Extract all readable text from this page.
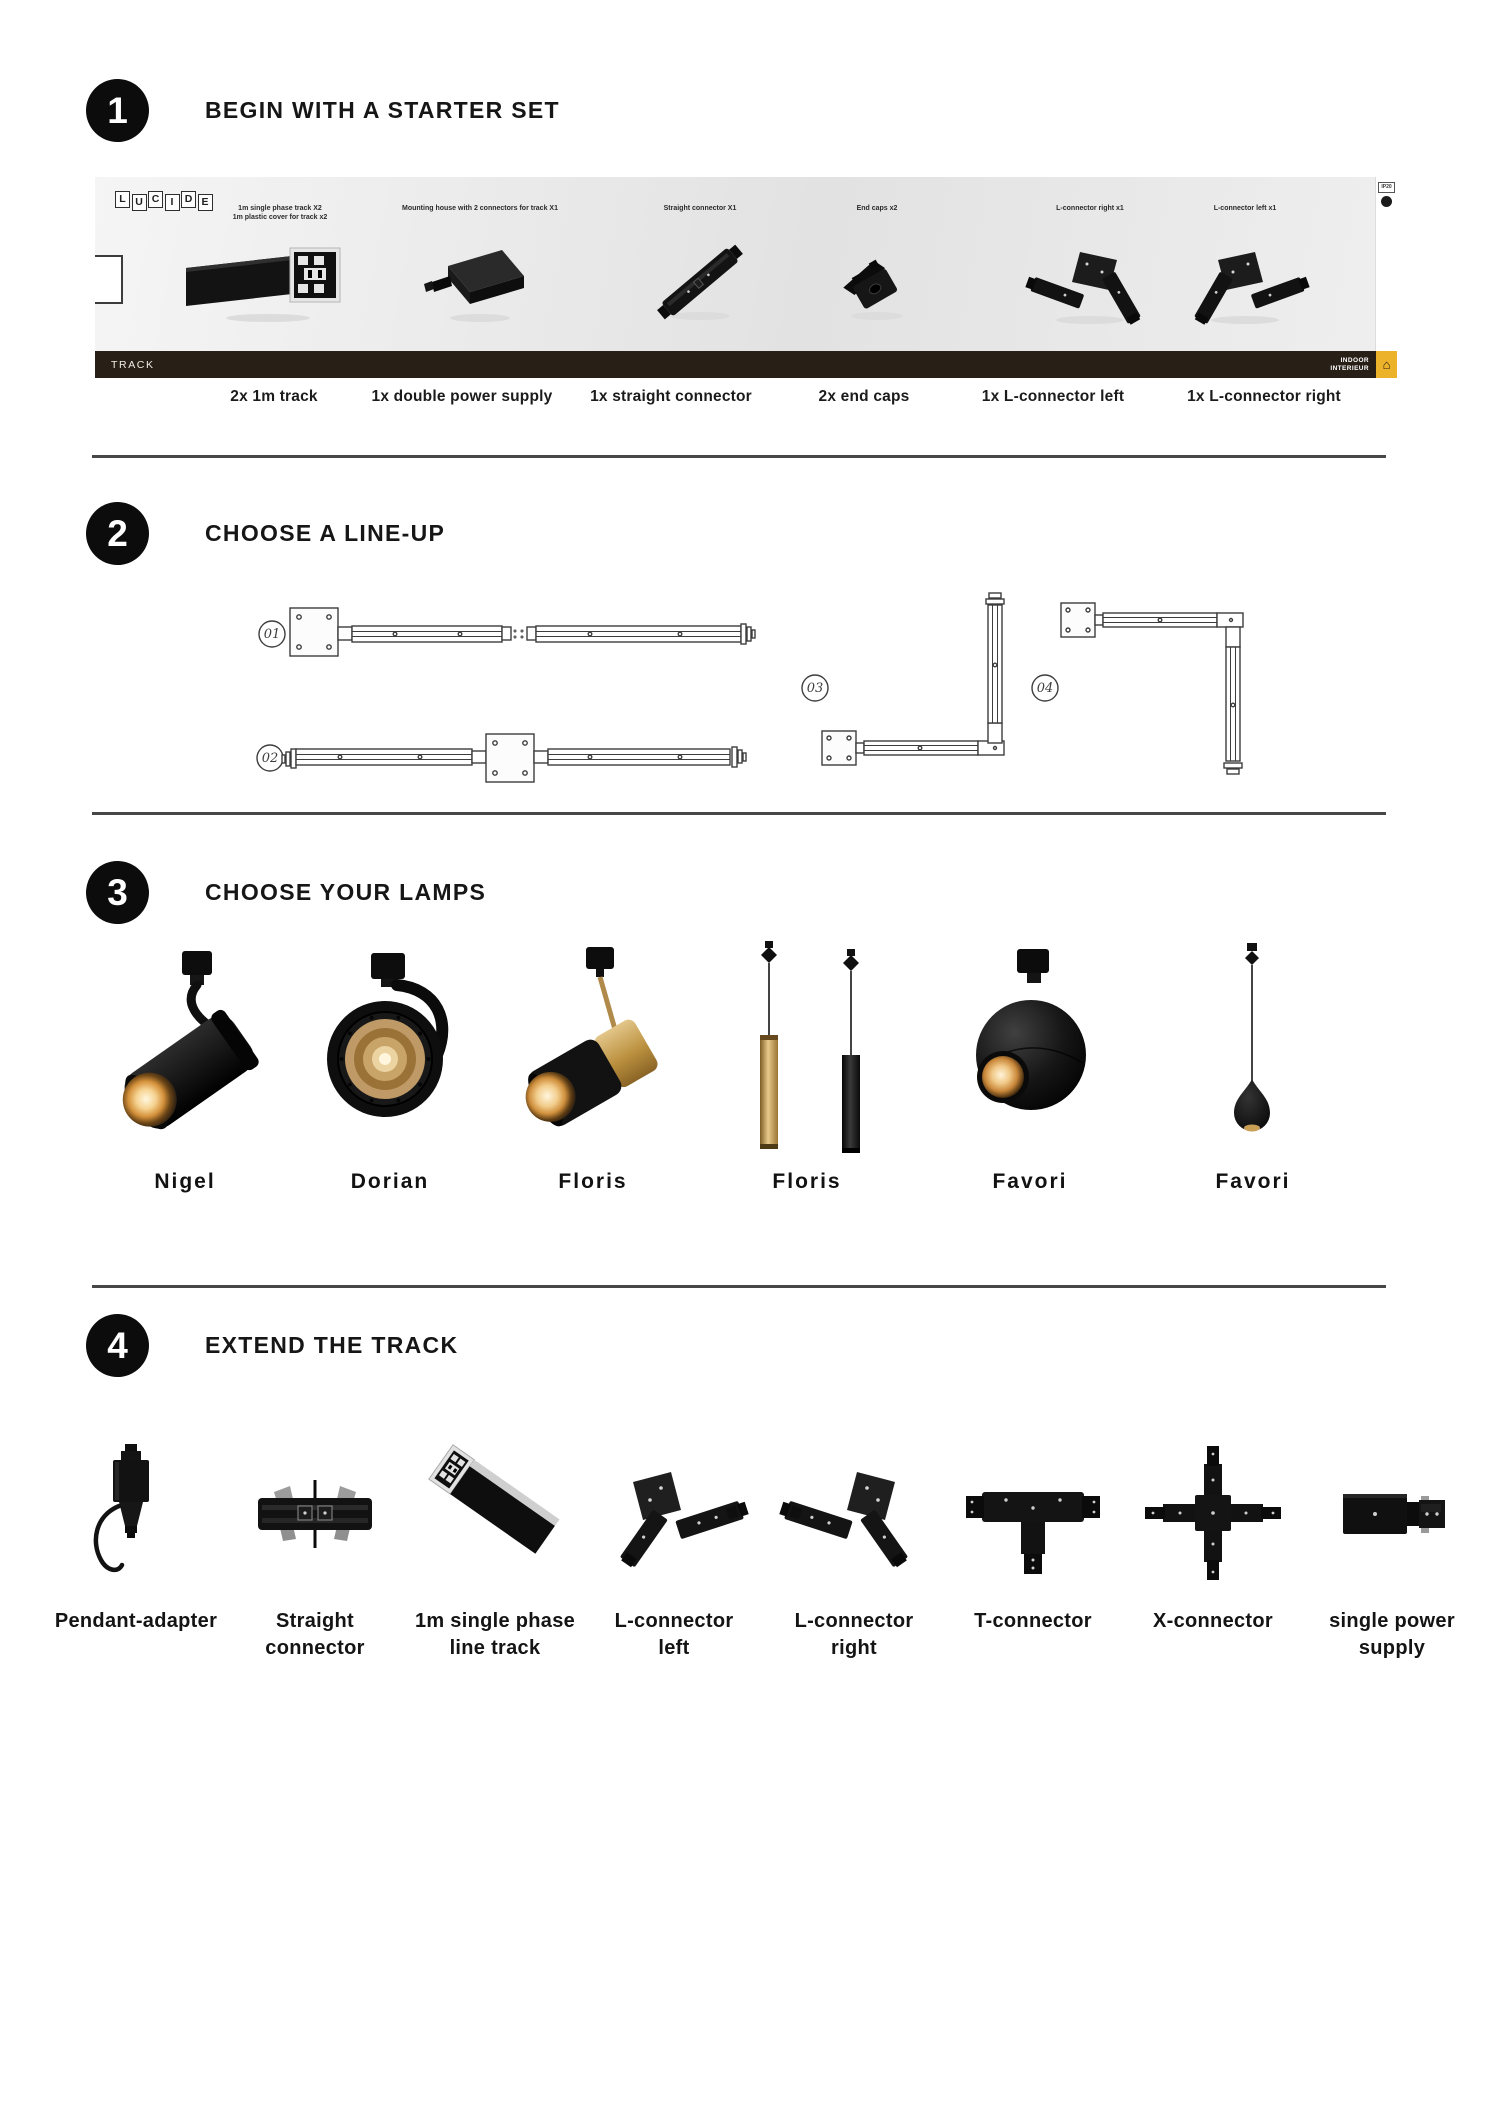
1	BEGIN WITH A STARTER SET
L U C	I	D E
1m single phase track X2
1m plastic cover for track x2
Mounting house with 2 connectors for track X1	Straight connector X1	End caps x2	L-connector right x1	L-connector left x1
IP20
TRACK	INDOOR
INTERIEUR	⌂
2x 1m track	1x double power supply 1x straight connector	2x end caps	1x L-connector left	1x L-connector right
2	CHOOSE A LINE-UP
01
02
03	04
3	CHOOSE YOUR LAMPS
Nigel	Dorian	Floris	Floris	Favori	Favori
4	EXTEND THE TRACK
Pendant-adapter	Straight connector
1m single phase line track
L-connector left
L-connector right
T-connector	X-connector	single power supply
